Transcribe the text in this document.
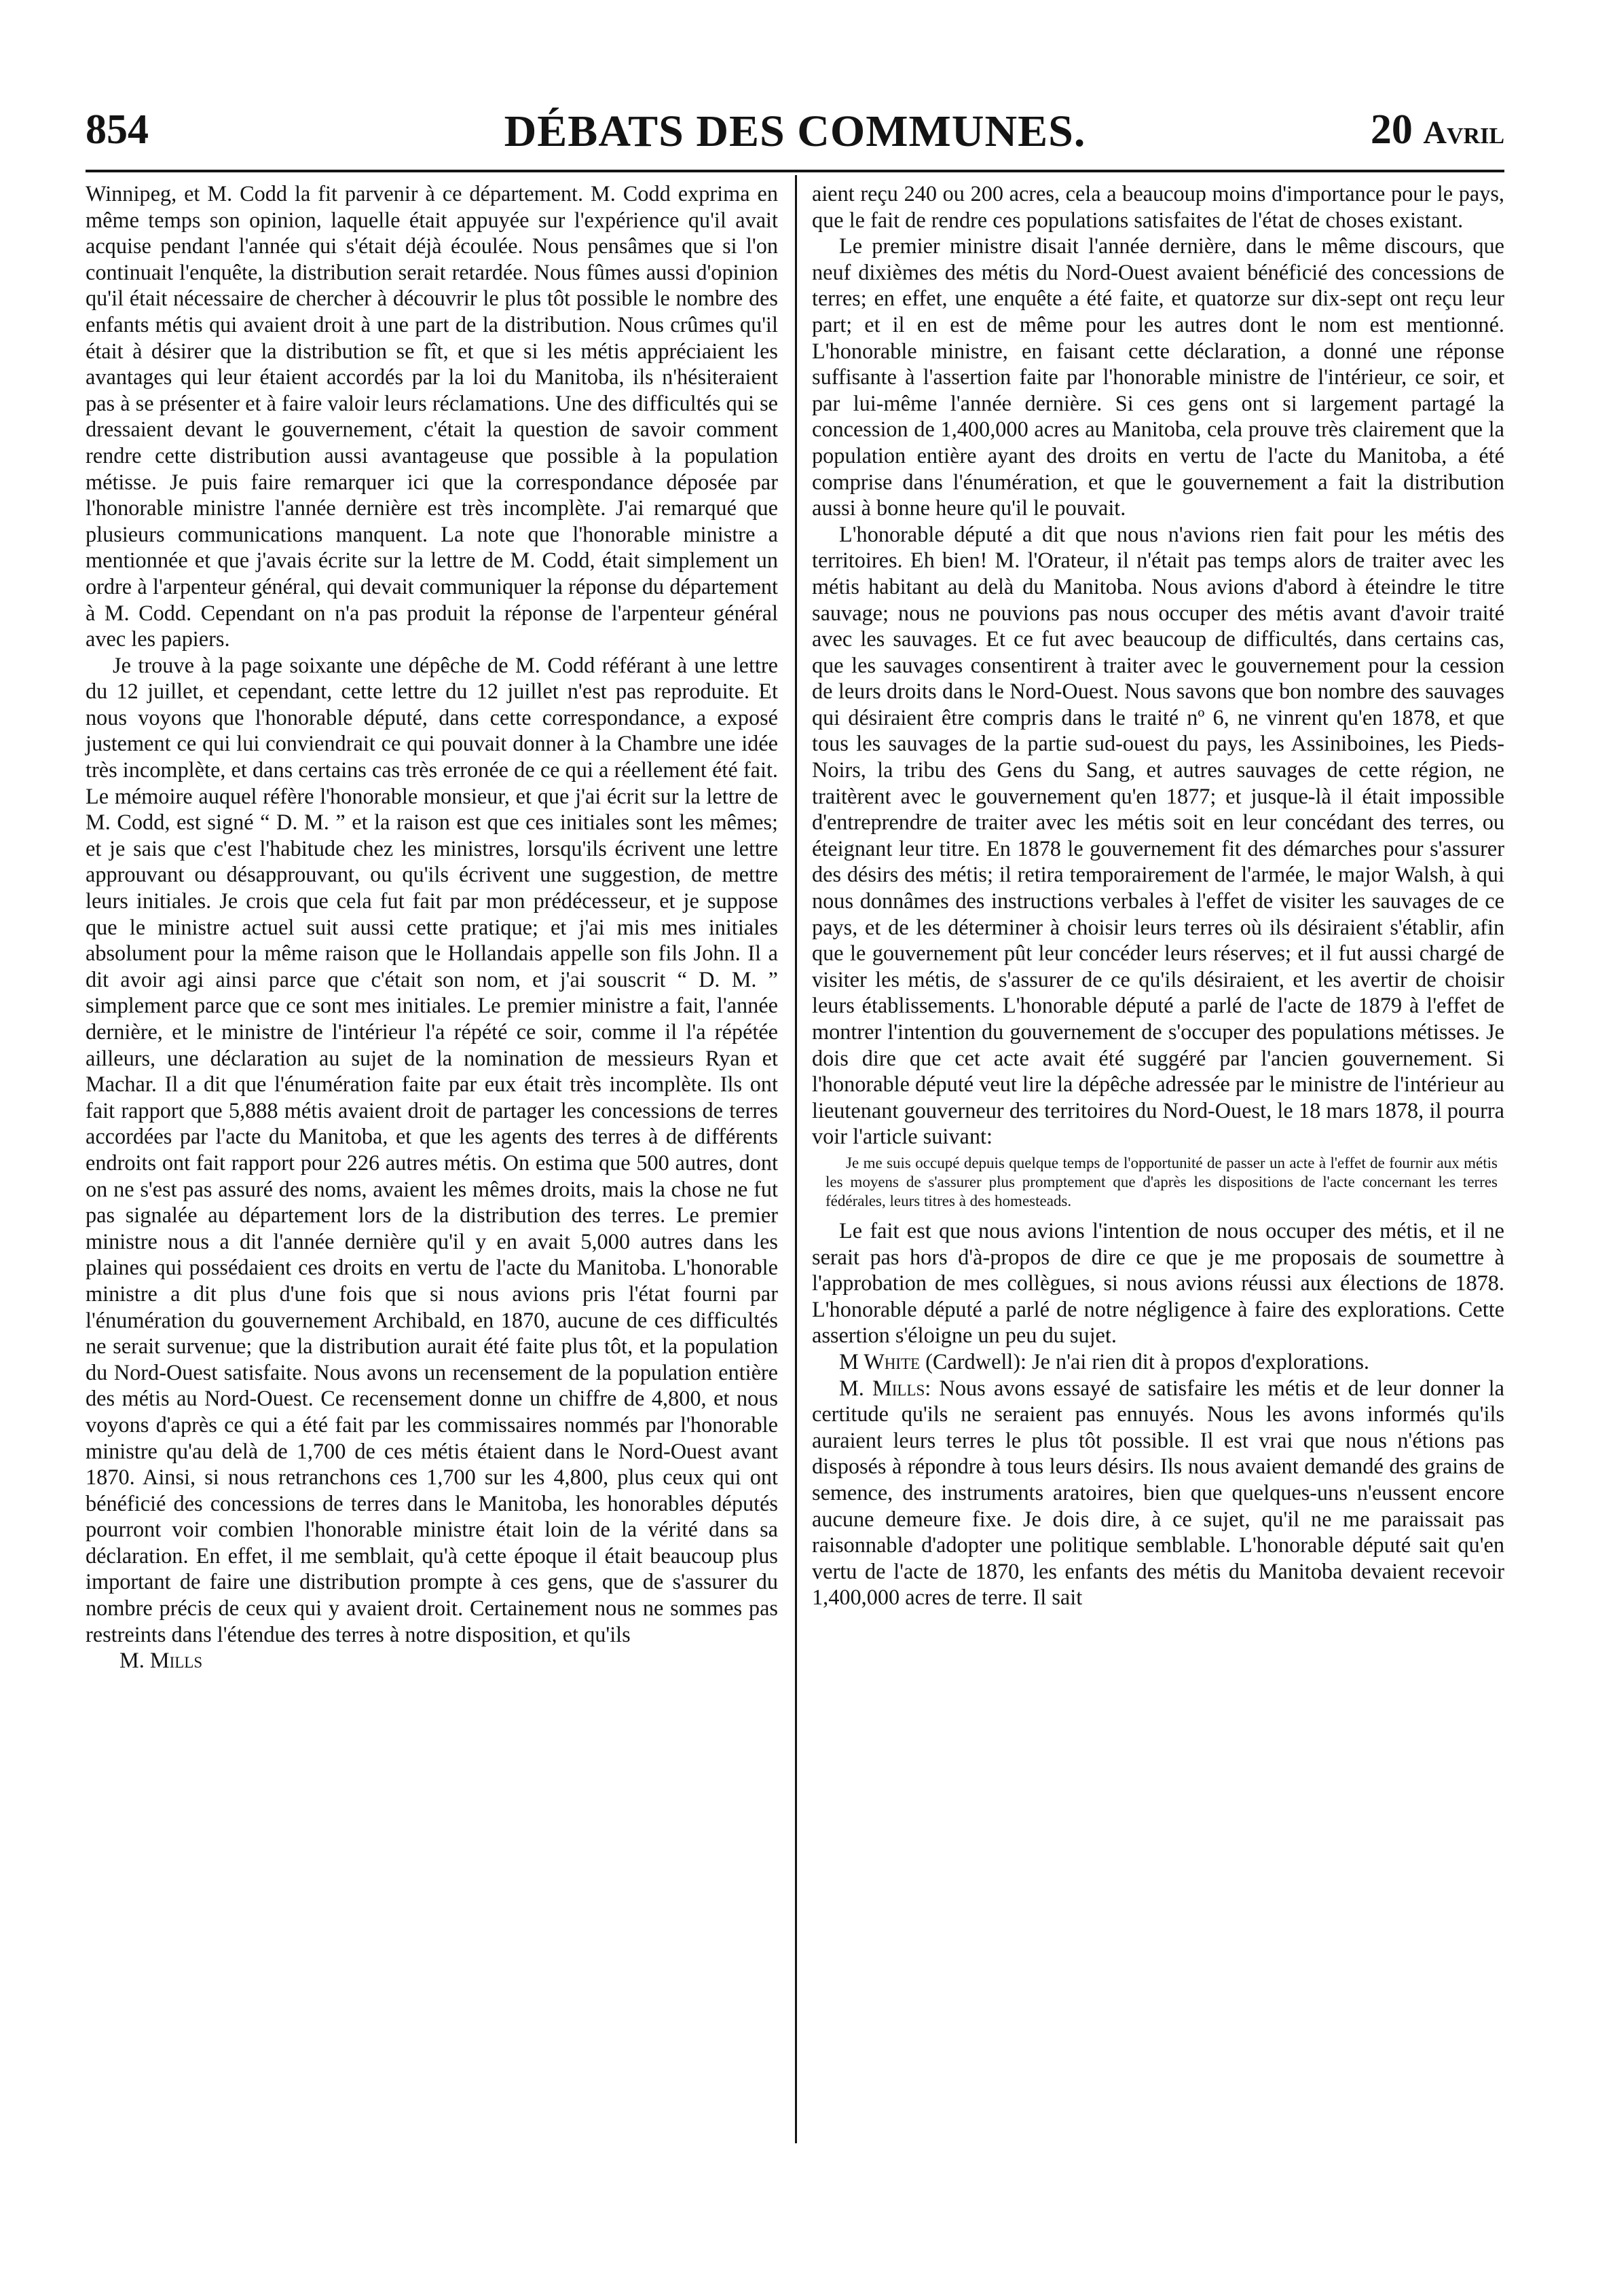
854	DÉBATS DES COMMUNES.	20 Avril

Winnipeg, et M. Codd la fit parvenir à ce département. M. Codd exprima en même temps son opinion, laquelle était appuyée sur l'expérience qu'il avait acquise pendant l'année qui s'était déjà écoulée. Nous pensâmes que si l'on continuait l'enquête, la distribution serait retardée. Nous fûmes aussi d'opinion qu'il était nécessaire de chercher à découvrir le plus tôt possible le nombre des enfants métis qui avaient droit à une part de la distribution. Nous crûmes qu'il était à désirer que la distribution se fît, et que si les métis appréciaient les avantages qui leur étaient accordés par la loi du Manitoba, ils n'hésiteraient pas à se présenter et à faire valoir leurs réclamations. Une des difficultés qui se dressaient devant le gouvernement, c'était la question de savoir comment rendre cette distribution aussi avantageuse que possible à la population métisse. Je puis faire remarquer ici que la correspondance déposée par l'honorable ministre l'année dernière est très incomplète. J'ai remarqué que plusieurs communications manquent. La note que l'honorable ministre a mentionnée et que j'avais écrite sur la lettre de M. Codd, était simplement un ordre à l'arpenteur général, qui devait communiquer la réponse du département à M. Codd. Cependant on n'a pas produit la réponse de l'arpenteur général avec les papiers.

Je trouve à la page soixante une dépêche de M. Codd référant à une lettre du 12 juillet, et cependant, cette lettre du 12 juillet n'est pas reproduite. Et nous voyons que l'honorable député, dans cette correspondance, a exposé justement ce qui lui conviendrait ce qui pouvait donner à la Chambre une idée très incomplète, et dans certains cas très erronée de ce qui a réellement été fait. Le mémoire auquel réfère l'honorable monsieur, et que j'ai écrit sur la lettre de M. Codd, est signé “ D. M. ” et la raison est que ces initiales sont les mêmes; et je sais que c'est l'habitude chez les ministres, lorsqu'ils écrivent une lettre approuvant ou désapprouvant, ou qu'ils écrivent une suggestion, de mettre leurs initiales. Je crois que cela fut fait par mon prédécesseur, et je suppose que le ministre actuel suit aussi cette pratique; et j'ai mis mes initiales absolument pour la même raison que le Hollandais appelle son fils John. Il a dit avoir agi ainsi parce que c'était son nom, et j'ai souscrit “ D. M. ” simplement parce que ce sont mes initiales. Le premier ministre a fait, l'année dernière, et le ministre de l'intérieur l'a répété ce soir, comme il l'a répétée ailleurs, une déclaration au sujet de la nomination de messieurs Ryan et Machar. Il a dit que l'énumération faite par eux était très incomplète. Ils ont fait rapport que 5,888 métis avaient droit de partager les concessions de terres accordées par l'acte du Manitoba, et que les agents des terres à de différents endroits ont fait rapport pour 226 autres métis. On estima que 500 autres, dont on ne s'est pas assuré des noms, avaient les mêmes droits, mais la chose ne fut pas signalée au département lors de la distribution des terres. Le premier ministre nous a dit l'année dernière qu'il y en avait 5,000 autres dans les plaines qui possédaient ces droits en vertu de l'acte du Manitoba. L'honorable ministre a dit plus d'une fois que si nous avions pris l'état fourni par l'énumération du gouvernement Archibald, en 1870, aucune de ces difficultés ne serait survenue; que la distribution aurait été faite plus tôt, et la population du Nord-Ouest satisfaite. Nous avons un recensement de la population entière des métis au Nord-Ouest. Ce recensement donne un chiffre de 4,800, et nous voyons d'après ce qui a été fait par les commissaires nommés par l'honorable ministre qu'au delà de 1,700 de ces métis étaient dans le Nord-Ouest avant 1870. Ainsi, si nous retranchons ces 1,700 sur les 4,800, plus ceux qui ont bénéficié des concessions de terres dans le Manitoba, les honorables députés pourront voir combien l'honorable ministre était loin de la vérité dans sa déclaration. En effet, il me semblait, qu'à cette époque il était beaucoup plus important de faire une distribution prompte à ces gens, que de s'assurer du nombre précis de ceux qui y avaient droit. Certainement nous ne sommes pas restreints dans l'étendue des terres à notre disposition, et qu'ils

M. Mills

aient reçu 240 ou 200 acres, cela a beaucoup moins d'importance pour le pays, que le fait de rendre ces populations satisfaites de l'état de choses existant.

Le premier ministre disait l'année dernière, dans le même discours, que neuf dixièmes des métis du Nord-Ouest avaient bénéficié des concessions de terres; en effet, une enquête a été faite, et quatorze sur dix-sept ont reçu leur part; et il en est de même pour les autres dont le nom est mentionné. L'honorable ministre, en faisant cette déclaration, a donné une réponse suffisante à l'assertion faite par l'honorable ministre de l'intérieur, ce soir, et par lui-même l'année dernière. Si ces gens ont si largement partagé la concession de 1,400,000 acres au Manitoba, cela prouve très clairement que la population entière ayant des droits en vertu de l'acte du Manitoba, a été comprise dans l'énumération, et que le gouvernement a fait la distribution aussi à bonne heure qu'il le pouvait.

L'honorable député a dit que nous n'avions rien fait pour les métis des territoires. Eh bien! M. l'Orateur, il n'était pas temps alors de traiter avec les métis habitant au delà du Manitoba. Nous avions d'abord à éteindre le titre sauvage; nous ne pouvions pas nous occuper des métis avant d'avoir traité avec les sauvages. Et ce fut avec beaucoup de difficultés, dans certains cas, que les sauvages consentirent à traiter avec le gouvernement pour la cession de leurs droits dans le Nord-Ouest. Nous savons que bon nombre des sauvages qui désiraient être compris dans le traité nº 6, ne vinrent qu'en 1878, et que tous les sauvages de la partie sud-ouest du pays, les Assiniboines, les Pieds-Noirs, la tribu des Gens du Sang, et autres sauvages de cette région, ne traitèrent avec le gouvernement qu'en 1877; et jusque-là il était impossible d'entreprendre de traiter avec les métis soit en leur concédant des terres, ou éteignant leur titre. En 1878 le gouvernement fit des démarches pour s'assurer des désirs des métis; il retira temporairement de l'armée, le major Walsh, à qui nous donnâmes des instructions verbales à l'effet de visiter les sauvages de ce pays, et de les déterminer à choisir leurs terres où ils désiraient s'établir, afin que le gouvernement pût leur concéder leurs réserves; et il fut aussi chargé de visiter les métis, de s'assurer de ce qu'ils désiraient, et les avertir de choisir leurs établissements. L'honorable député a parlé de l'acte de 1879 à l'effet de montrer l'intention du gouvernement de s'occuper des populations métisses. Je dois dire que cet acte avait été suggéré par l'ancien gouvernement. Si l'honorable député veut lire la dépêche adressée par le ministre de l'intérieur au lieutenant gouverneur des territoires du Nord-Ouest, le 18 mars 1878, il pourra voir l'article suivant:

Je me suis occupé depuis quelque temps de l'opportunité de passer un acte à l'effet de fournir aux métis les moyens de s'assurer plus promptement que d'après les dispositions de l'acte concernant les terres fédérales, leurs titres à des homesteads.

Le fait est que nous avions l'intention de nous occuper des métis, et il ne serait pas hors d'à-propos de dire ce que je me proposais de soumettre à l'approbation de mes collègues, si nous avions réussi aux élections de 1878. L'honorable député a parlé de notre négligence à faire des explorations. Cette assertion s'éloigne un peu du sujet.

M White (Cardwell): Je n'ai rien dit à propos d'explorations.

M. Mills: Nous avons essayé de satisfaire les métis et de leur donner la certitude qu'ils ne seraient pas ennuyés. Nous les avons informés qu'ils auraient leurs terres le plus tôt possible. Il est vrai que nous n'étions pas disposés à répondre à tous leurs désirs. Ils nous avaient demandé des grains de semence, des instruments aratoires, bien que quelques-uns n'eussent encore aucune demeure fixe. Je dois dire, à ce sujet, qu'il ne me paraissait pas raisonnable d'adopter une politique semblable. L'honorable député sait qu'en vertu de l'acte de 1870, les enfants des métis du Manitoba devaient recevoir 1,400,000 acres de terre. Il sait
